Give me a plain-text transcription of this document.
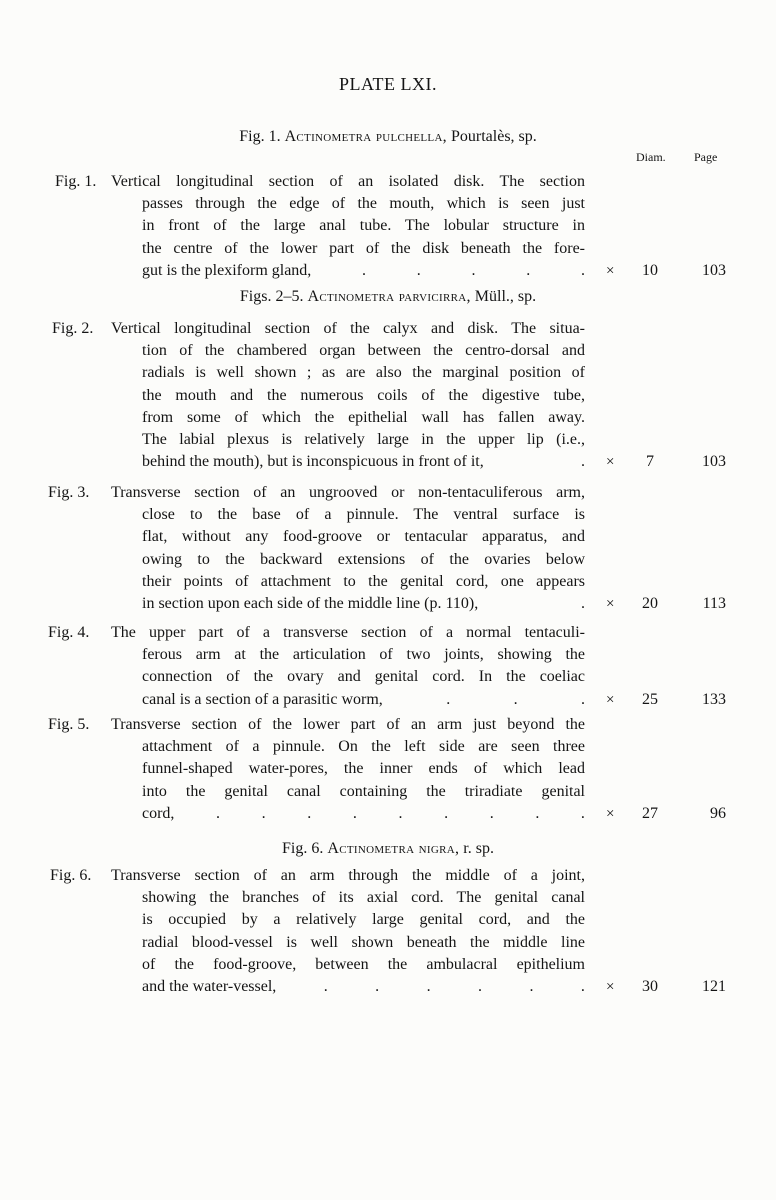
PLATE LXI.
Diam. Page
Fig. 1. Actinometra pulchella, Pourtalès, sp.
Fig. 1. Vertical longitudinal section of an isolated disk. The section
passes through the edge of the mouth, which is seen just
in front of the large anal tube. The lobular structure in
the centre of the lower part of the disk beneath the fore-
gut is the plexiform gland,	.	.	.	.	. × 10	103
Figs. 2–5. Actinometra parvicirra, Müll., sp.
Fig. 2. Vertical longitudinal section of the calyx and disk. The situa-
tion of the chambered organ between the centro-dorsal and
radials is well shown ; as are also the marginal position of
the mouth and the numerous coils of the digestive tube,
from some of which the epithelial wall has fallen away.
The labial plexus is relatively large in the upper lip (i.e.,
behind the mouth), but is inconspicuous in front of it,	. ×	7	103
Fig. 3. Transverse section of an ungrooved or non-tentaculiferous arm,
close to the base of a pinnule. The ventral surface is
flat, without any food-groove or tentacular apparatus, and
owing to the backward extensions of the ovaries below
their points of attachment to the genital cord, one appears
in section upon each side of the middle line (p. 110),	. × 20	113
Fig. 4. The upper part of a transverse section of a normal tentaculi-
ferous arm at the articulation of two joints, showing the
connection of the ovary and genital cord. In the coeliac
canal is a section of a parasitic worm,	.	.	. × 25	133
Fig. 5. Transverse section of the lower part of an arm just beyond the
attachment of a pinnule. On the left side are seen three
funnel-shaped water-pores, the inner ends of which lead
into the genital canal containing the triradiate genital
cord,	.	.	.	.	.	.	.	.	. × 27	96
Fig. 6. Actinometra nigra, r. sp.
Fig. 6. Transverse section of an arm through the middle of a joint,
showing the branches of its axial cord. The genital canal
is occupied by a relatively large genital cord, and the
radial blood-vessel is well shown beneath the middle line
of the food-groove, between the ambulacral epithelium
and the water-vessel,	.	.	.	.	.	. × 30	121
